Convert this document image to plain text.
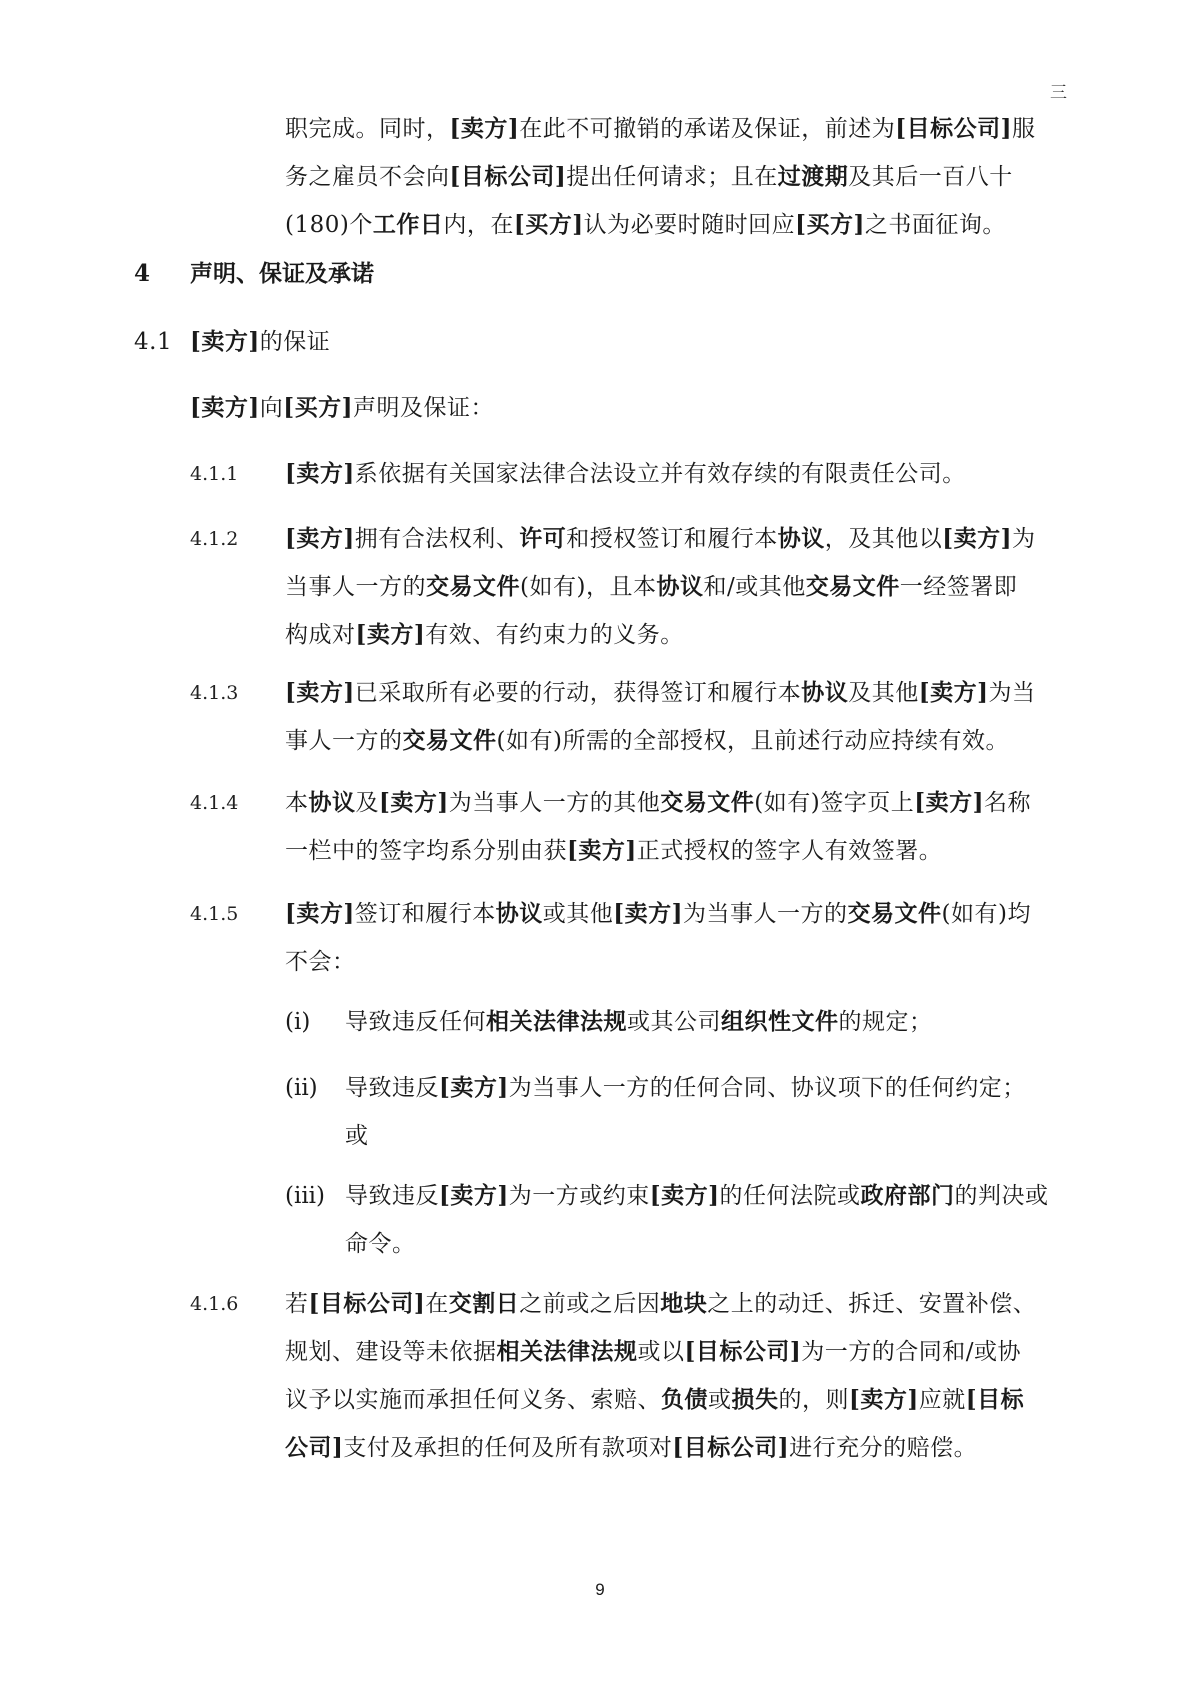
三
职完成。同时，[卖方]在此不可撤销的承诺及保证，前述为[目标公司]服
务之雇员不会向[目标公司]提出任何请求；且在过渡期及其后一百八十
(180)个工作日内，在[买方]认为必要时随时回应[买方]之书面征询。
4 声明、保证及承诺
4.1 [卖方]的保证
[卖方]向[买方]声明及保证：
4.1.1 [卖方]系依据有关国家法律合法设立并有效存续的有限责任公司。
4.1.2 [卖方]拥有合法权利、许可和授权签订和履行本协议，及其他以[卖方]为
当事人一方的交易文件(如有)，且本协议和/或其他交易文件一经签署即
构成对[卖方]有效、有约束力的义务。
4.1.3 [卖方]已采取所有必要的行动，获得签订和履行本协议及其他[卖方]为当
事人一方的交易文件(如有)所需的全部授权，且前述行动应持续有效。
4.1.4 本协议及[卖方]为当事人一方的其他交易文件(如有)签字页上[卖方]名称
一栏中的签字均系分别由获[卖方]正式授权的签字人有效签署。
4.1.5 [卖方]签订和履行本协议或其他[卖方]为当事人一方的交易文件(如有)均
不会：
(i) 导致违反任何相关法律法规或其公司组织性文件的规定；
(ii) 导致违反[卖方]为当事人一方的任何合同、协议项下的任何约定；
或
(iii) 导致违反[卖方]为一方或约束[卖方]的任何法院或政府部门的判决或
命令。
4.1.6 若[目标公司]在交割日之前或之后因地块之上的动迁、拆迁、安置补偿、
规划、建设等未依据相关法律法规或以[目标公司]为一方的合同和/或协
议予以实施而承担任何义务、索赔、负债或损失的，则[卖方]应就[目标
公司]支付及承担的任何及所有款项对[目标公司]进行充分的赔偿。
9
